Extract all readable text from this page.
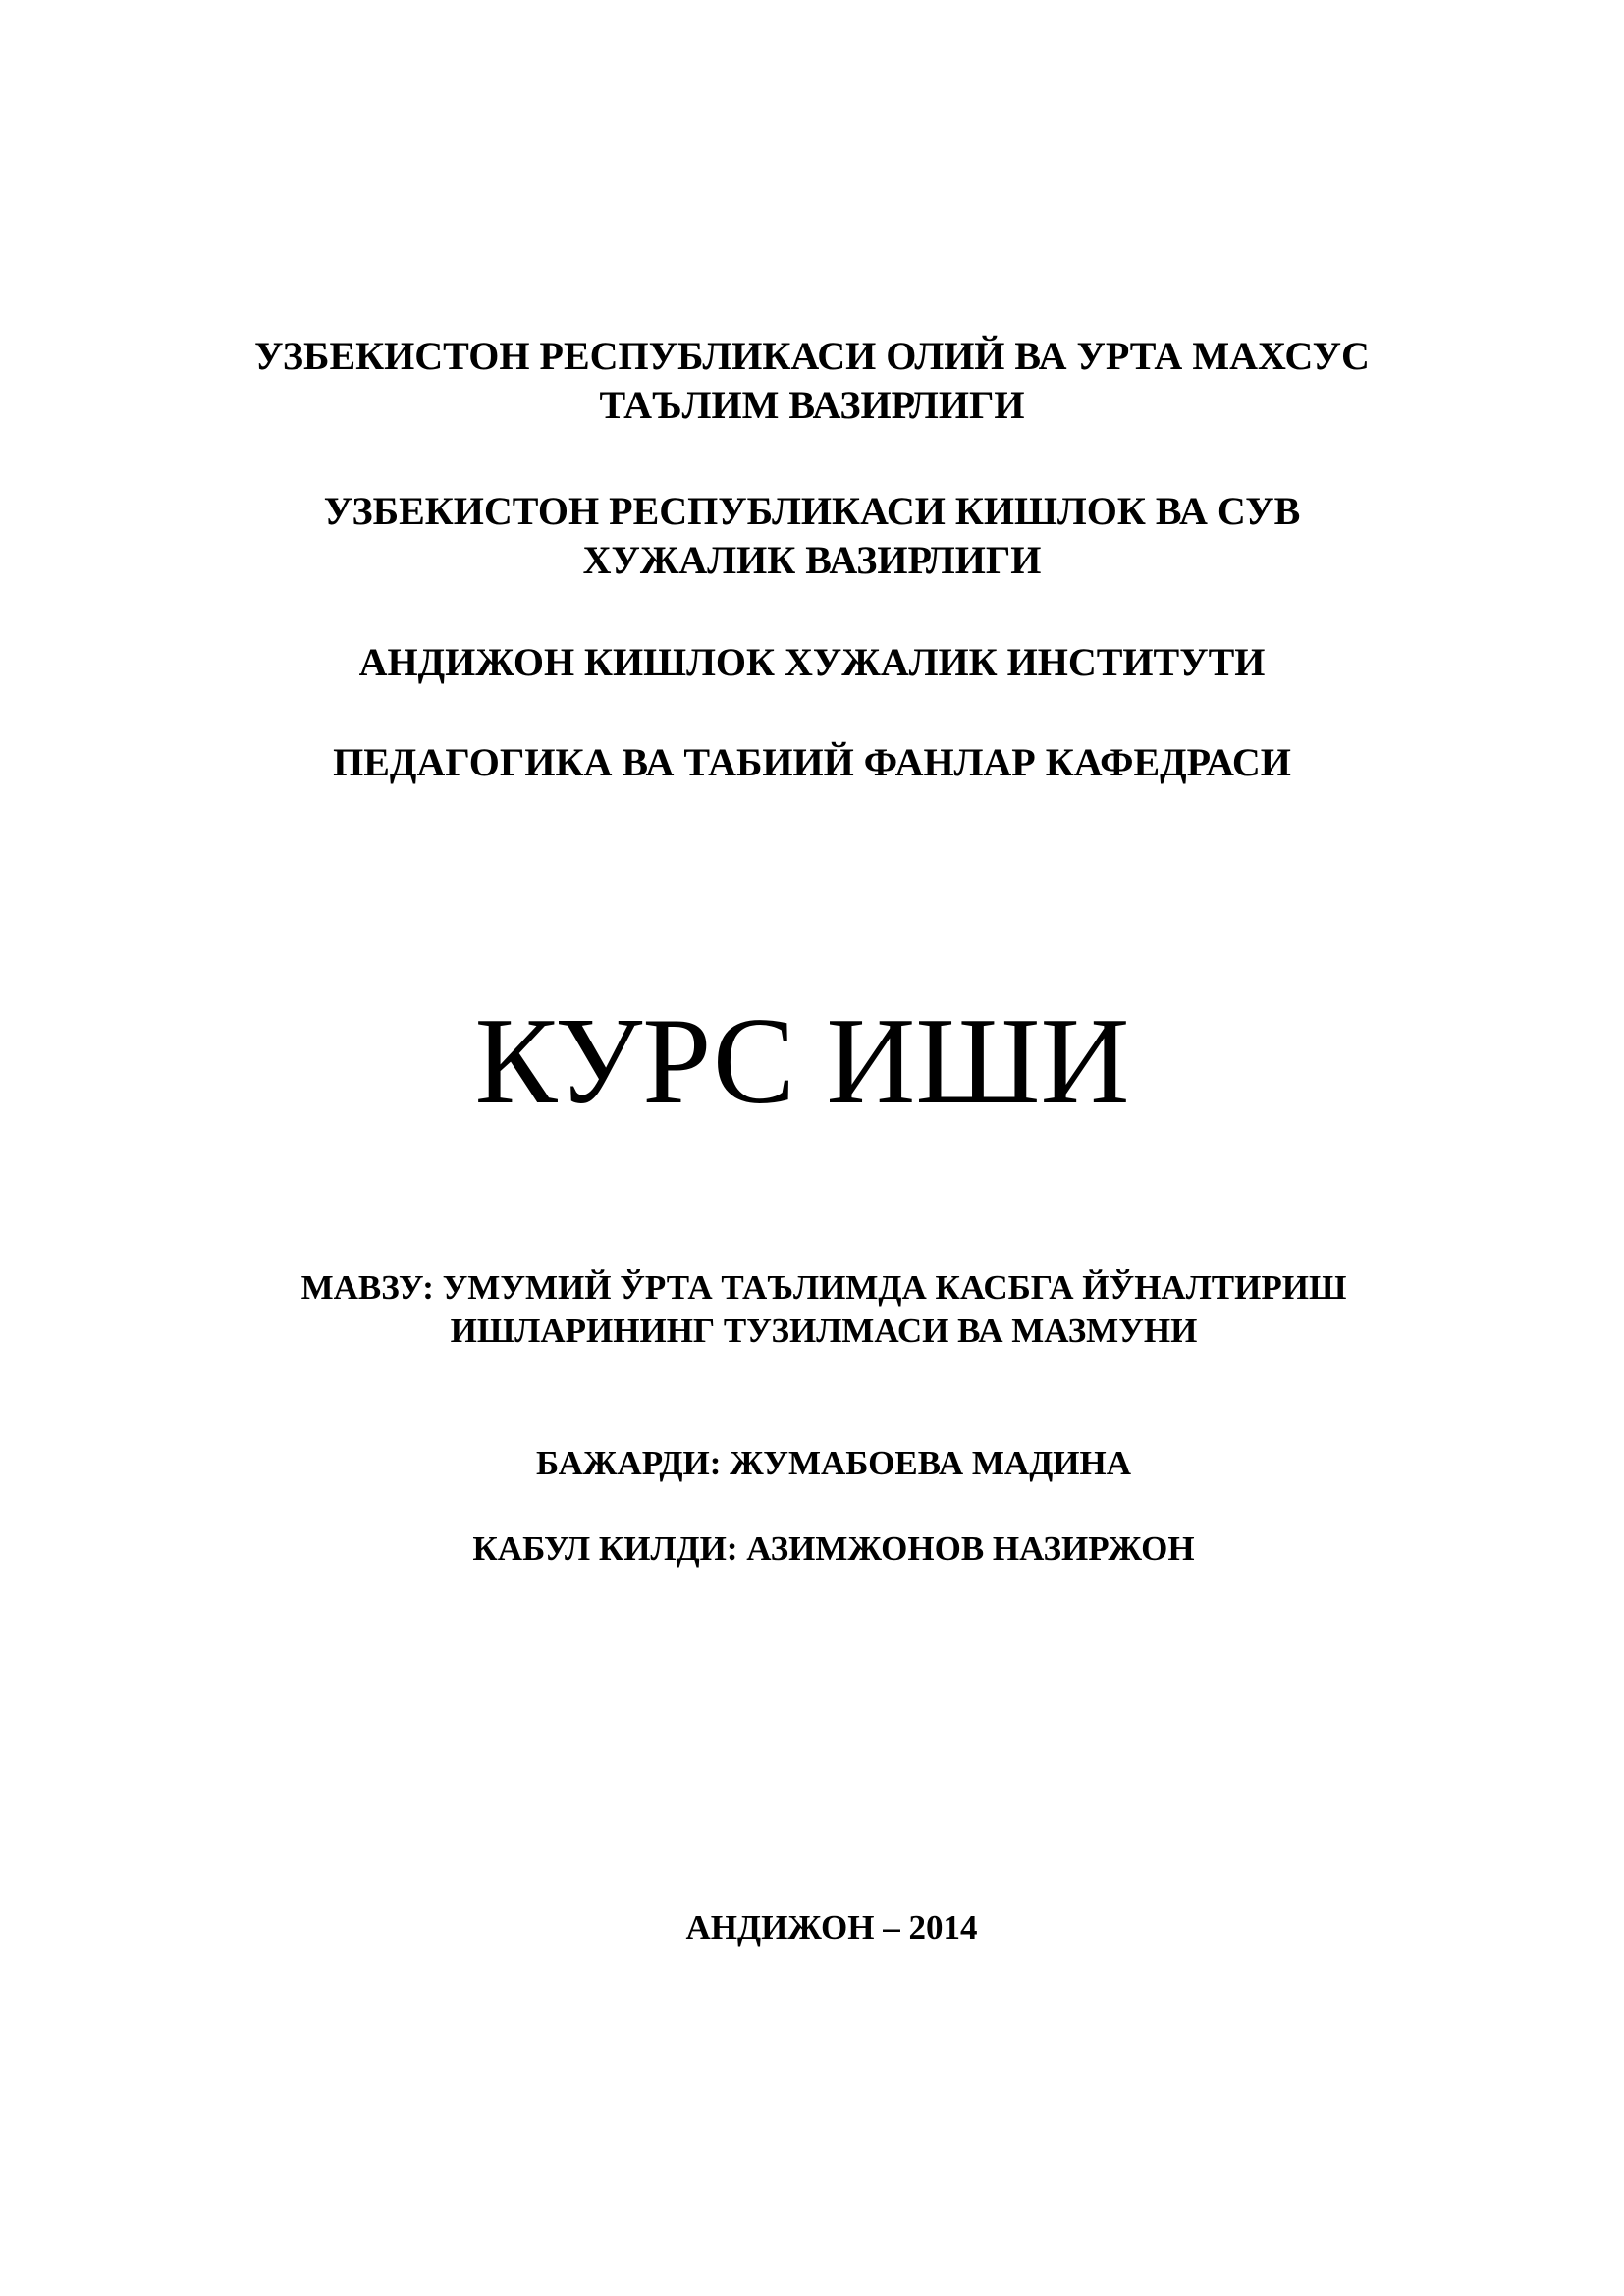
УЗБЕКИСТОН РЕСПУБЛИКАСИ ОЛИЙ ВА УРТА МАХСУС

ТАЪЛИМ ВАЗИРЛИГИ

УЗБЕКИСТОН РЕСПУБЛИКАСИ КИШЛОК ВА СУВ

ХУЖАЛИК ВАЗИРЛИГИ

АНДИЖОН КИШЛОК ХУЖАЛИК ИНСТИТУТИ

ПЕДАГОГИКА ВА ТАБИИЙ ФАНЛАР КАФЕДРАСИ

КУРС ИШИ

МАВЗУ: УМУМИЙ ЎРТА ТАЪЛИМДА КАСБГА ЙЎНАЛТИРИШ

ИШЛАРИНИНГ ТУЗИЛМАСИ ВА МАЗМУНИ

БАЖАРДИ: ЖУМАБОЕВА МАДИНА

КАБУЛ КИЛДИ: АЗИМЖОНОВ НАЗИРЖОН

АНДИЖОН – 2014
